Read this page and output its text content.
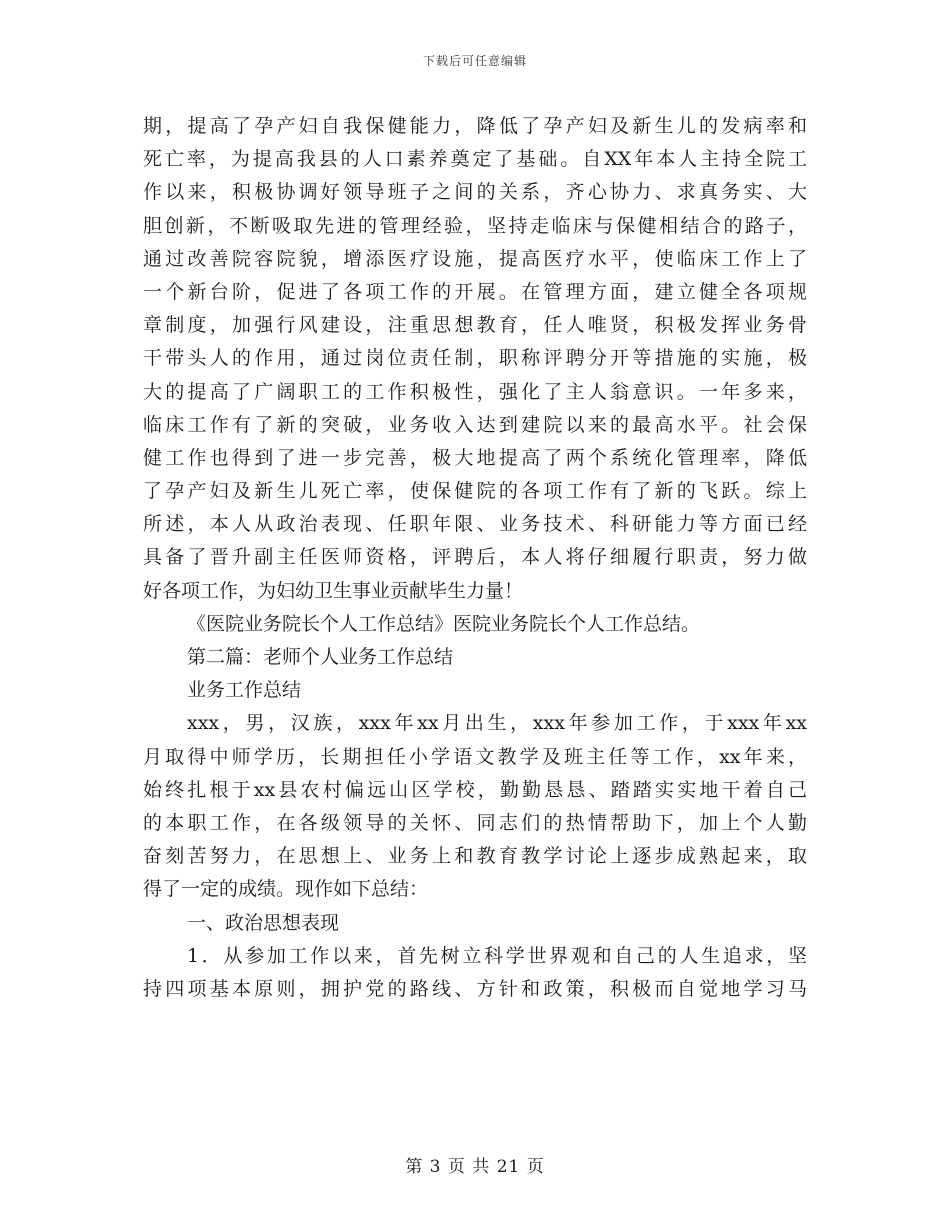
下载后可任意编辑
期，提高了孕产妇自我保健能力，降低了孕产妇及新生儿的发病率和
死亡率，为提高我县的人口素养奠定了基础。自XX年本人主持全院工
作以来，积极协调好领导班子之间的关系，齐心协力、求真务实、大
胆创新，不断吸取先进的管理经验，坚持走临床与保健相结合的路子，
通过改善院容院貌，增添医疗设施，提高医疗水平，使临床工作上了
一个新台阶，促进了各项工作的开展。在管理方面，建立健全各项规
章制度，加强行风建设，注重思想教育，任人唯贤，积极发挥业务骨
干带头人的作用，通过岗位责任制，职称评聘分开等措施的实施，极
大的提高了广阔职工的工作积极性，强化了主人翁意识。一年多来，
临床工作有了新的突破，业务收入达到建院以来的最高水平。社会保
健工作也得到了进一步完善，极大地提高了两个系统化管理率，降低
了孕产妇及新生儿死亡率，使保健院的各项工作有了新的飞跃。综上
所述，本人从政治表现、任职年限、业务技术、科研能力等方面已经
具备了晋升副主任医师资格，评聘后，本人将仔细履行职责，努力做
好各项工作，为妇幼卫生事业贡献毕生力量！
《医院业务院长个人工作总结》医院业务院长个人工作总结。
第二篇：老师个人业务工作总结
业务工作总结
xxx，男，汉族，xxx年xx月出生，xxx年参加工作，于xxx年xx
月取得中师学历，长期担任小学语文教学及班主任等工作，xx年来，
始终扎根于xx县农村偏远山区学校，勤勤恳恳、踏踏实实地干着自己
的本职工作，在各级领导的关怀、同志们的热情帮助下，加上个人勤
奋刻苦努力，在思想上、业务上和教育教学讨论上逐步成熟起来，取
得了一定的成绩。现作如下总结：
一、政治思想表现
1．从参加工作以来，首先树立科学世界观和自己的人生追求，坚
持四项基本原则，拥护党的路线、方针和政策，积极而自觉地学习马
第 3 页 共 21 页
